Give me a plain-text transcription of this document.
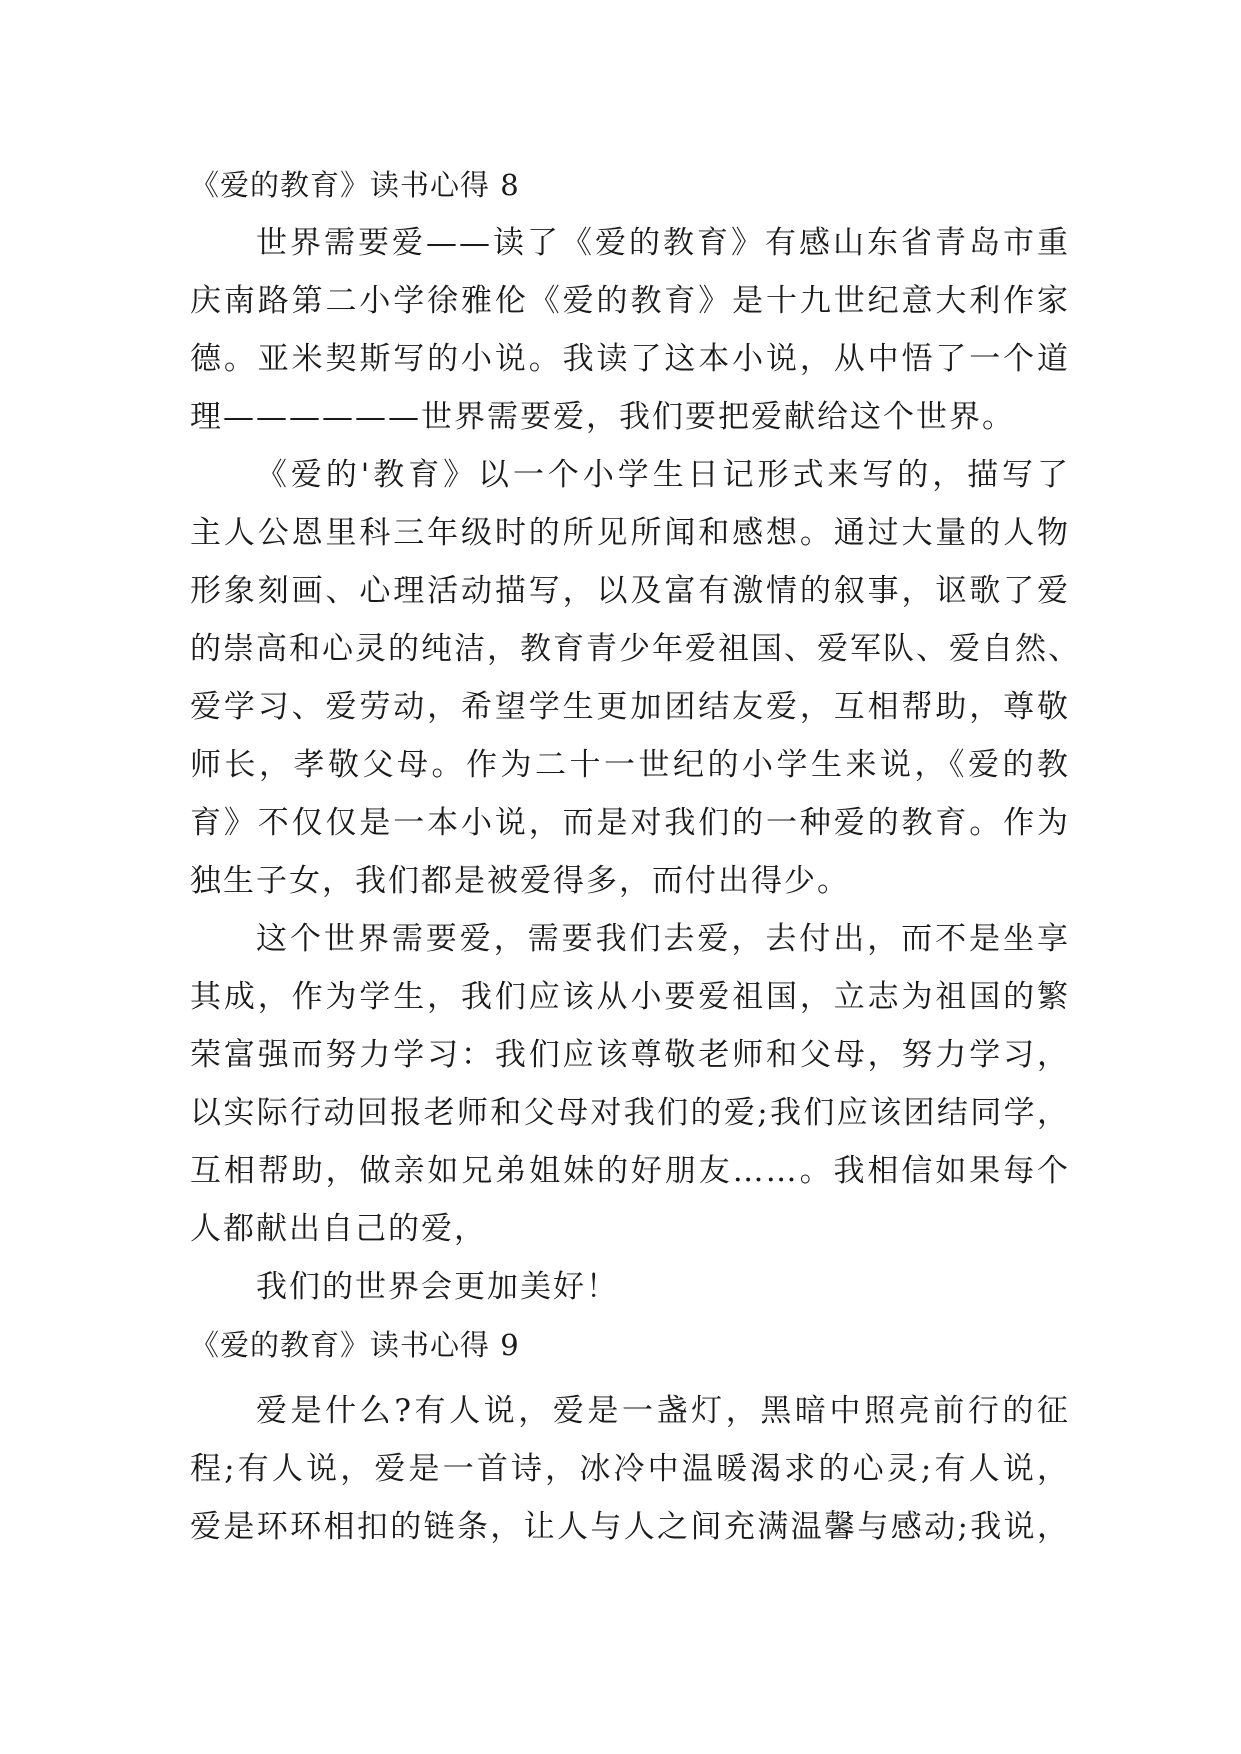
《爱的教育》读书心得 8
世界需要爱——读了《爱的教育》有感山东省青岛市重
庆南路第二小学徐雅伦《爱的教育》是十九世纪意大利作家
德。亚米契斯写的小说。我读了这本小说，从中悟了一个道
理——————世界需要爱，我们要把爱献给这个世界。
《爱的'教育》以一个小学生日记形式来写的，描写了
主人公恩里科三年级时的所见所闻和感想。通过大量的人物
形象刻画、心理活动描写，以及富有激情的叙事，讴歌了爱
的崇高和心灵的纯洁，教育青少年爱祖国、爱军队、爱自然、
爱学习、爱劳动，希望学生更加团结友爱，互相帮助，尊敬
师长，孝敬父母。作为二十一世纪的小学生来说，《爱的教
育》不仅仅是一本小说，而是对我们的一种爱的教育。作为
独生子女，我们都是被爱得多，而付出得少。
这个世界需要爱，需要我们去爱，去付出，而不是坐享
其成，作为学生，我们应该从小要爱祖国，立志为祖国的繁
荣富强而努力学习：我们应该尊敬老师和父母，努力学习，
以实际行动回报老师和父母对我们的爱;我们应该团结同学，
互相帮助，做亲如兄弟姐妹的好朋友……。我相信如果每个
人都献出自己的爱，
我们的世界会更加美好！
《爱的教育》读书心得 9
爱是什么?有人说，爱是一盏灯，黑暗中照亮前行的征
程;有人说，爱是一首诗，冰冷中温暖渴求的心灵;有人说，
爱是环环相扣的链条，让人与人之间充满温馨与感动;我说，
